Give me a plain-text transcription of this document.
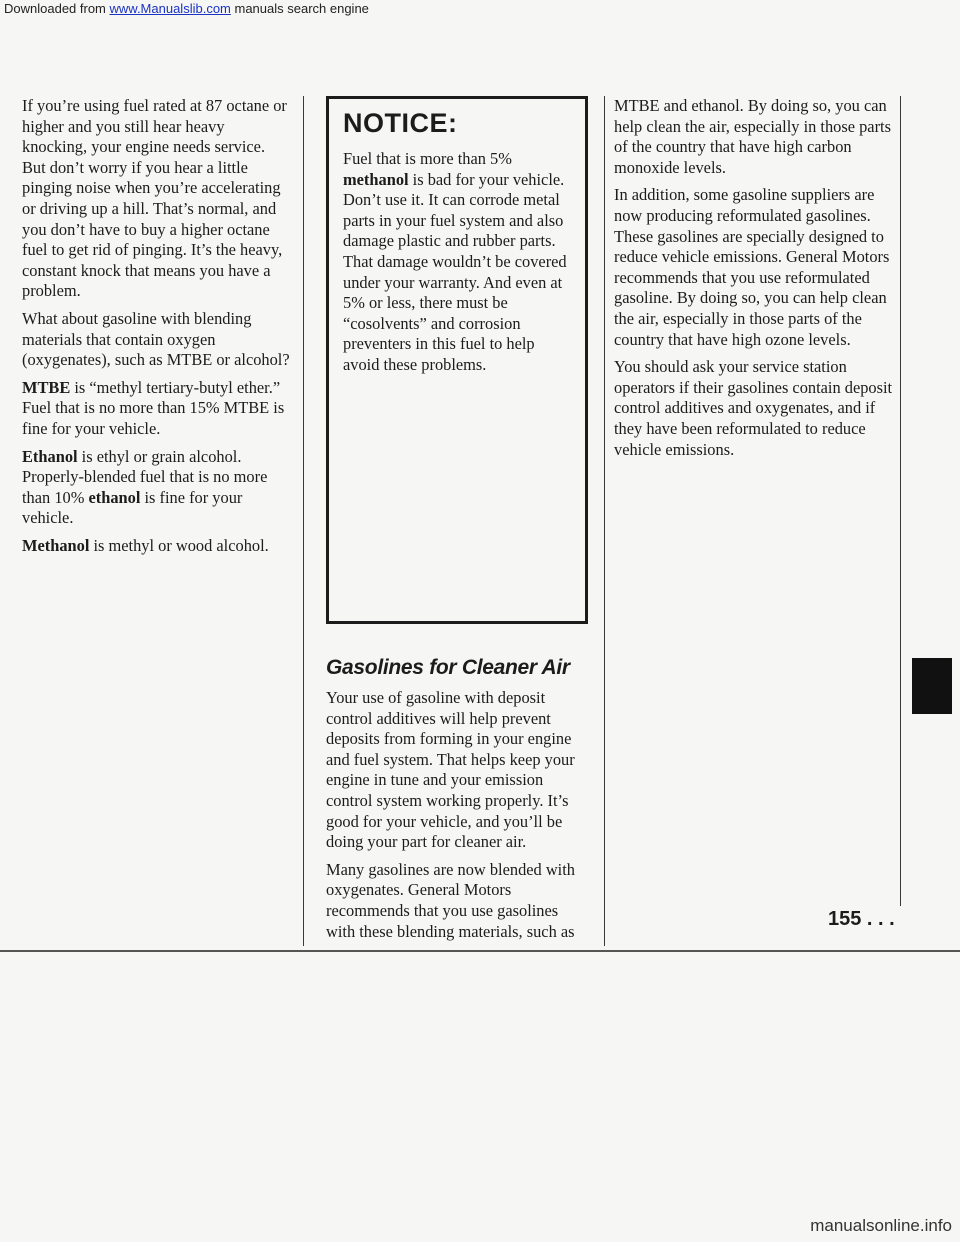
Downloaded from www.Manualslib.com manuals search engine

If you’re using fuel rated at 87 octane or higher and you still hear heavy knocking, your engine needs service. But don’t worry if you hear a little pinging noise when you’re accelerating or driving up a hill. That’s normal, and you don’t have to buy a higher octane fuel to get rid of pinging. It’s the heavy, constant knock that means you have a problem.

What about gasoline with blending materials that contain oxygen (oxygenates), such as MTBE or alcohol?

MTBE is “methyl tertiary-butyl ether.” Fuel that is no more than 15% MTBE is fine for your vehicle.

Ethanol is ethyl or grain alcohol. Properly-blended fuel that is no more than 10% ethanol is fine for your vehicle.

Methanol is methyl or wood alcohol.

NOTICE:
Fuel that is more than 5% methanol is bad for your vehicle. Don’t use it. It can corrode metal parts in your fuel system and also damage plastic and rubber parts. That damage wouldn’t be covered under your warranty. And even at 5% or less, there must be “cosolvents” and corrosion preventers in this fuel to help avoid these problems.
Gasolines for Cleaner Air

Your use of gasoline with deposit control additives will help prevent deposits from forming in your engine and fuel system. That helps keep your engine in tune and your emission control system working properly. It’s good for your vehicle, and you’ll be doing your part for cleaner air.

Many gasolines are now blended with oxygenates. General Motors recommends that you use gasolines with these blending materials, such as

MTBE and ethanol. By doing so, you can help clean the air, especially in those parts of the country that have high carbon monoxide levels.

In addition, some gasoline suppliers are now producing reformulated gasolines. These gasolines are specially designed to reduce vehicle emissions. General Motors recommends that you use reformulated gasoline. By doing so, you can help clean the air, especially in those parts of the country that have high ozone levels.

You should ask your service station operators if their gasolines contain deposit control additives and oxygenates, and if they have been reformulated to reduce vehicle emissions.

155 . . .
manualsonline.info
